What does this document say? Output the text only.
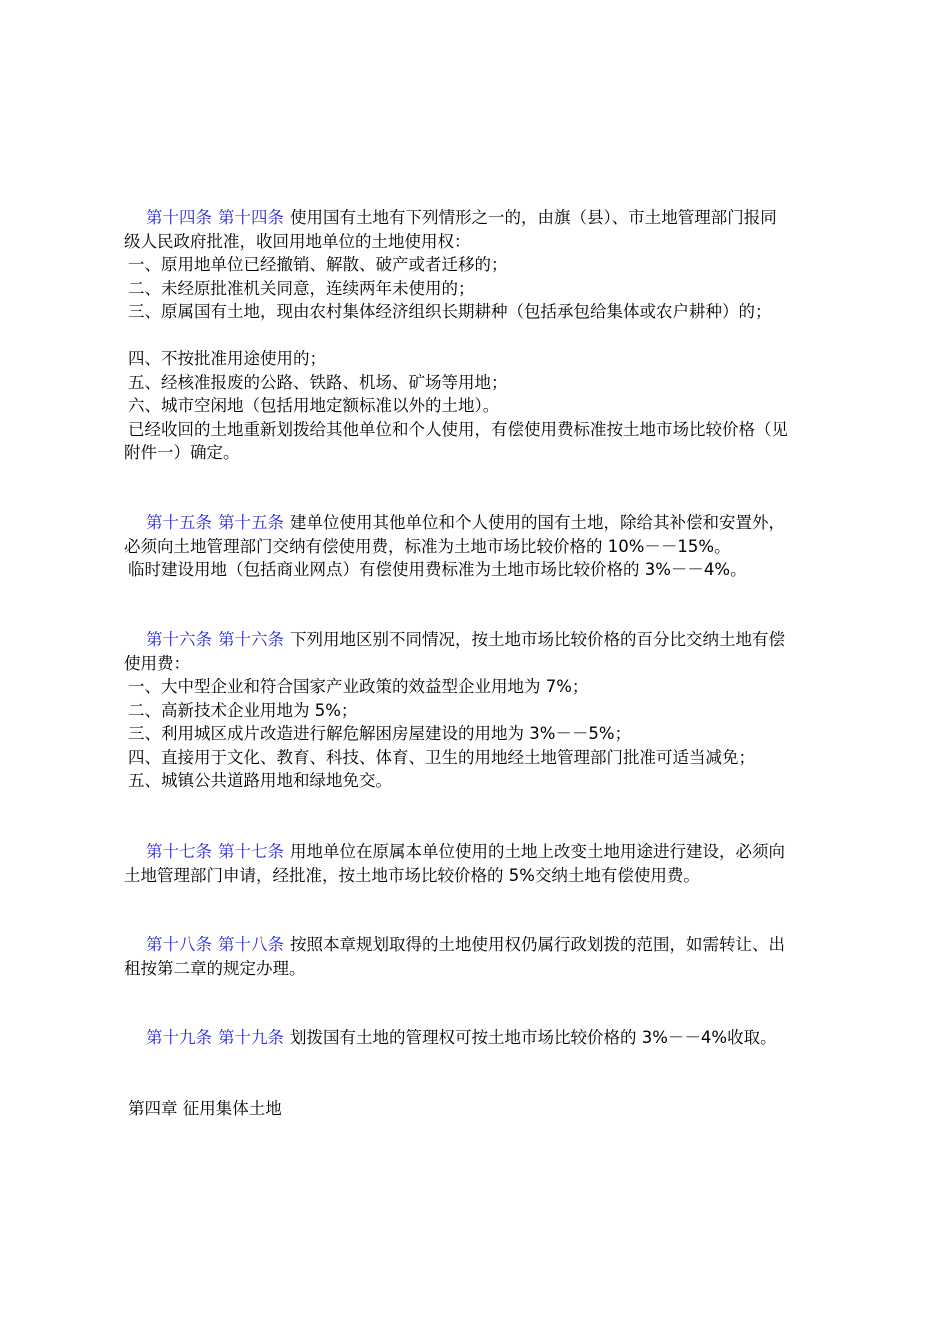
第十四条 第十四条 使用国有土地有下列情形之一的，由旗（县）、市土地管理部门报同
级人民政府批准，收回用地单位的土地使用权：
一、原用地单位已经撤销、解散、破产或者迁移的；
二、未经原批准机关同意，连续两年未使用的；
三、原属国有土地，现由农村集体经济组织长期耕种（包括承包给集体或农户耕种）的；
四、不按批准用途使用的；
五、经核准报废的公路、铁路、机场、矿场等用地；
六、城市空闲地（包括用地定额标准以外的土地）。
已经收回的土地重新划拨给其他单位和个人使用，有偿使用费标准按土地市场比较价格（见
附件一）确定。
第十五条 第十五条 建单位使用其他单位和个人使用的国有土地，除给其补偿和安置外，
必须向土地管理部门交纳有偿使用费，标准为土地市场比较价格的 10%－－15%。
临时建设用地（包括商业网点）有偿使用费标准为土地市场比较价格的 3%－－4%。
第十六条 第十六条 下列用地区别不同情况，按土地市场比较价格的百分比交纳土地有偿
使用费：
一、大中型企业和符合国家产业政策的效益型企业用地为 7%；
二、高新技术企业用地为 5%；
三、利用城区成片改造进行解危解困房屋建设的用地为 3%－－5%；
四、直接用于文化、教育、科技、体育、卫生的用地经土地管理部门批准可适当减免；
五、城镇公共道路用地和绿地免交。
第十七条 第十七条 用地单位在原属本单位使用的土地上改变土地用途进行建设，必须向
土地管理部门申请，经批准，按土地市场比较价格的 5%交纳土地有偿使用费。
第十八条 第十八条 按照本章规划取得的土地使用权仍属行政划拨的范围，如需转让、出
租按第二章的规定办理。
第十九条 第十九条 划拨国有土地的管理权可按土地市场比较价格的 3%－－4%收取。
第四章 征用集体土地
